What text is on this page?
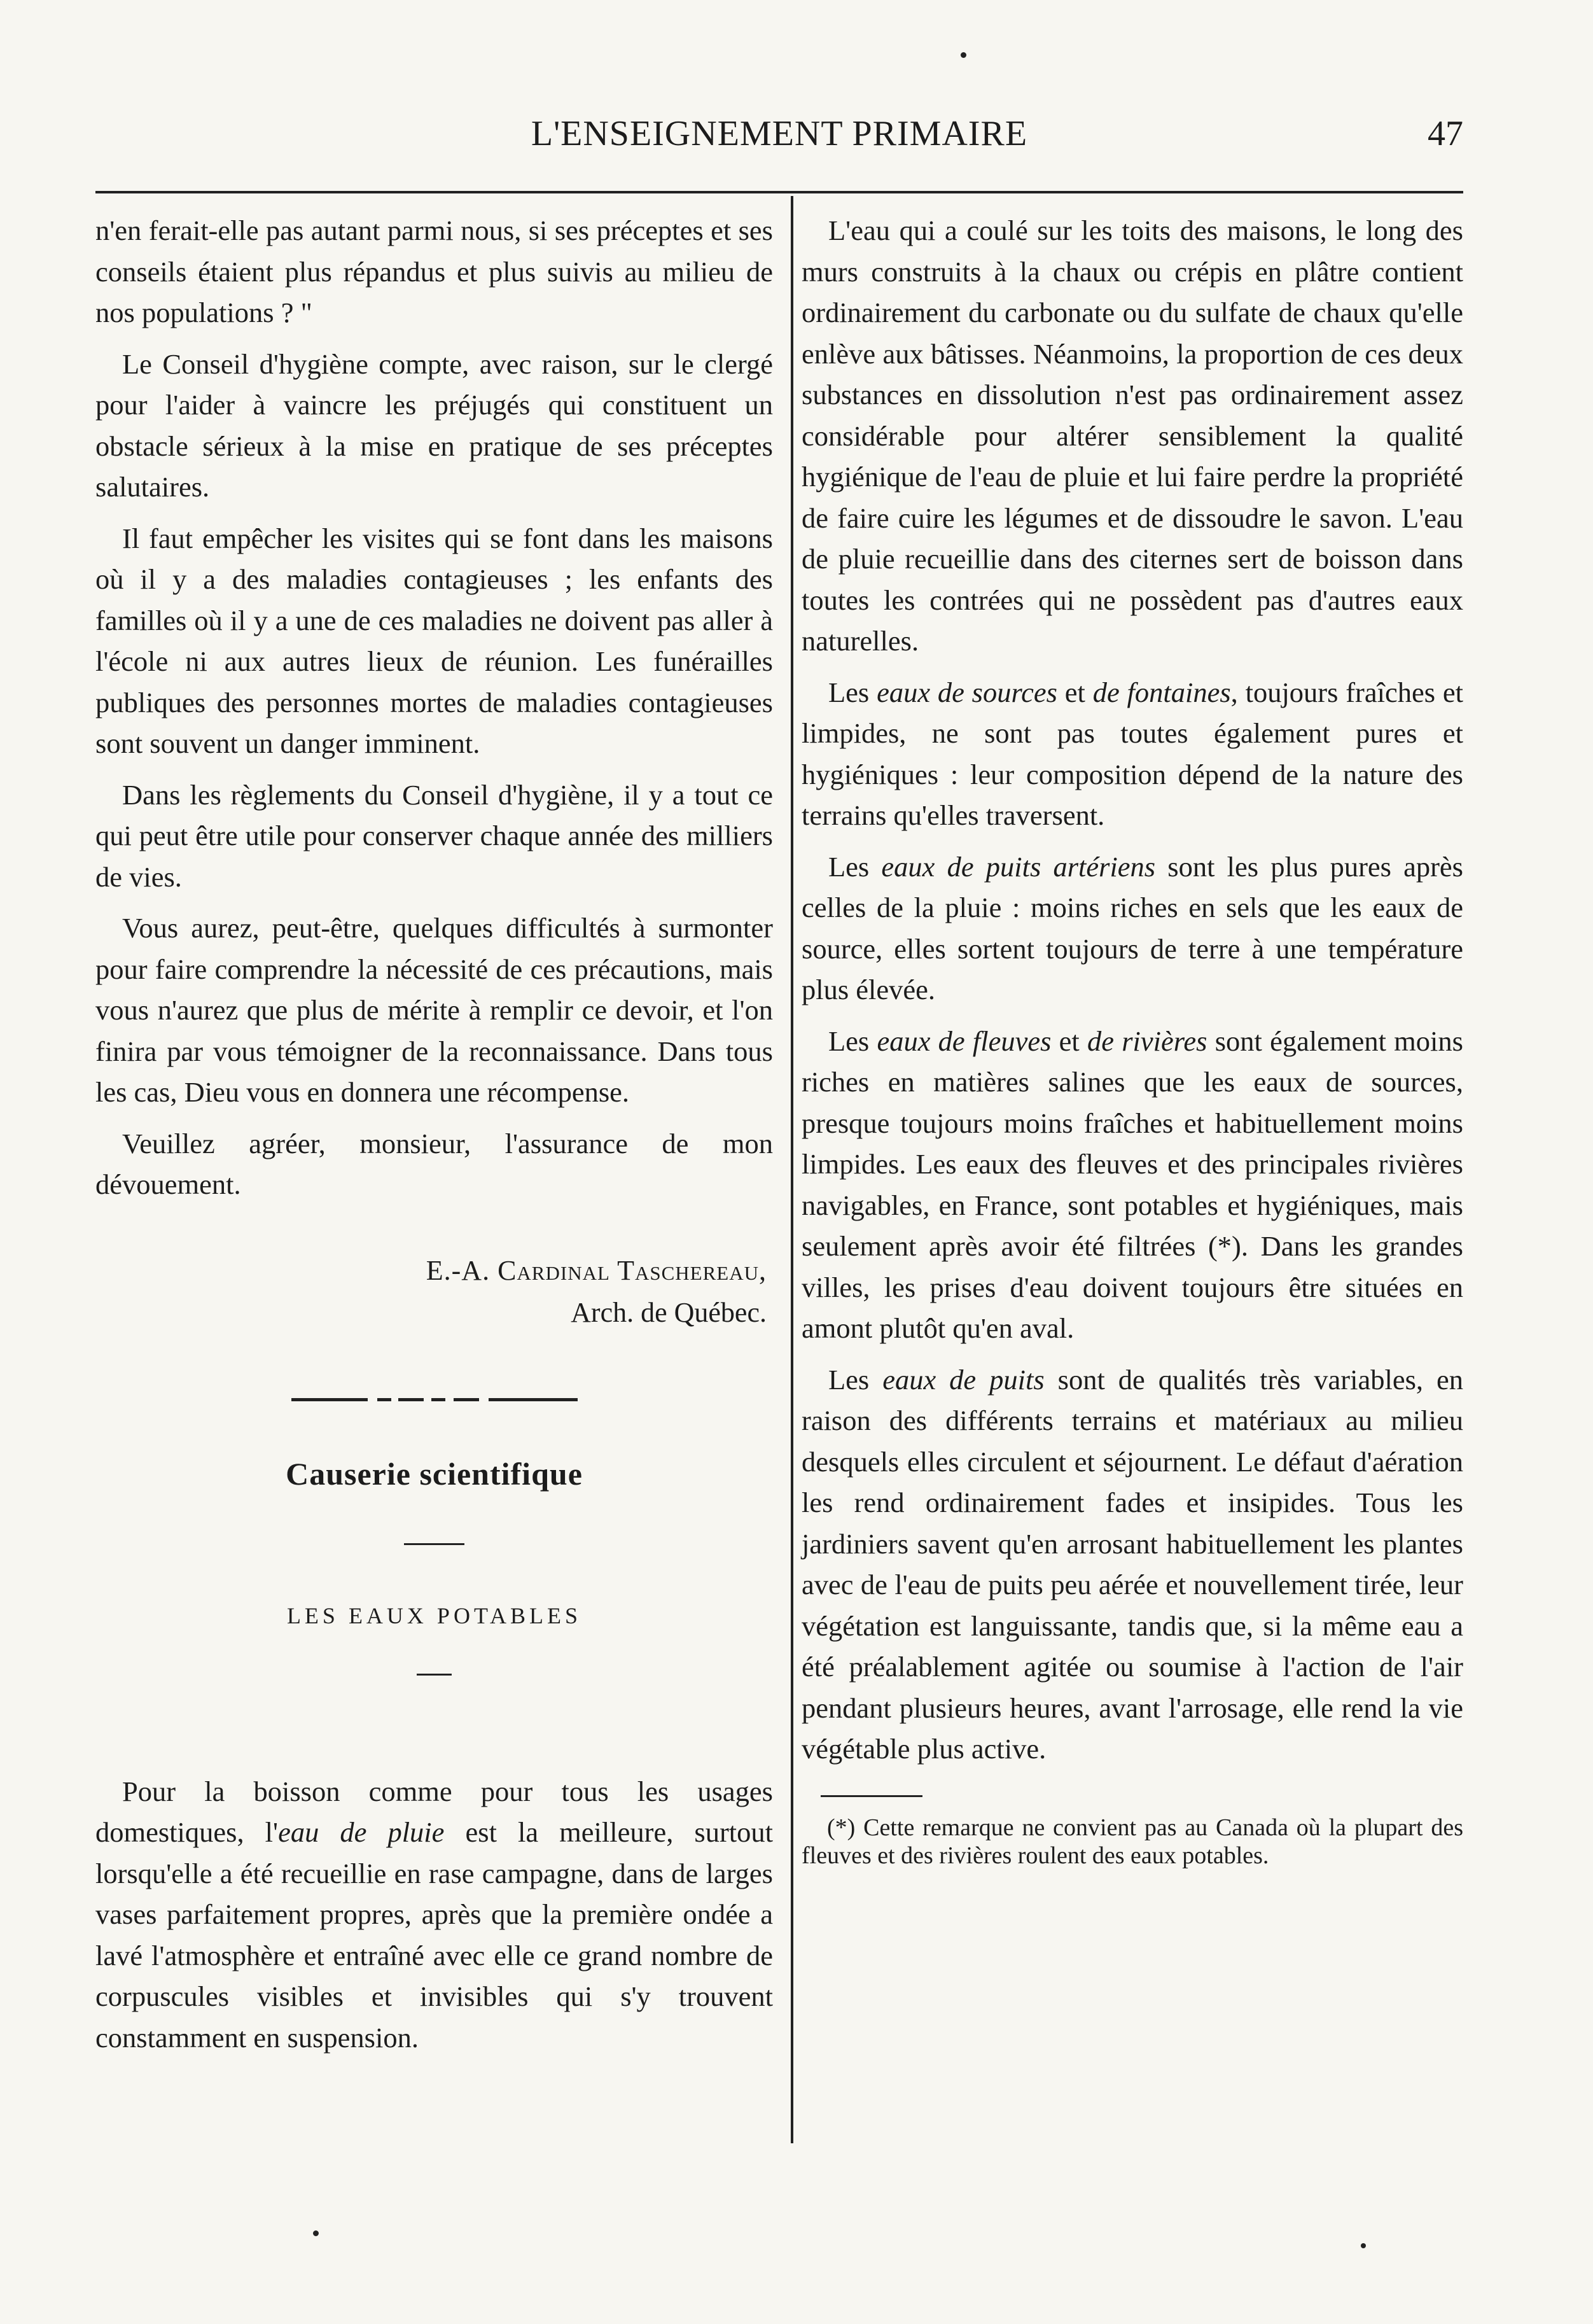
L'ENSEIGNEMENT PRIMAIRE	47

n'en ferait-elle pas autant parmi nous, si ses préceptes et ses conseils étaient plus répandus et plus suivis au milieu de nos populations ? "

Le Conseil d'hygiène compte, avec raison, sur le clergé pour l'aider à vaincre les préjugés qui constituent un obstacle sérieux à la mise en pratique de ses préceptes salutaires.

Il faut empêcher les visites qui se font dans les maisons où il y a des maladies contagieuses ; les enfants des familles où il y a une de ces maladies ne doivent pas aller à l'école ni aux autres lieux de réunion. Les funérailles publiques des personnes mortes de maladies contagieuses sont souvent un danger imminent.

Dans les règlements du Conseil d'hygiène, il y a tout ce qui peut être utile pour conserver chaque année des milliers de vies.

Vous aurez, peut-être, quelques difficultés à surmonter pour faire comprendre la nécessité de ces précautions, mais vous n'aurez que plus de mérite à remplir ce devoir, et l'on finira par vous témoigner de la reconnaissance. Dans tous les cas, Dieu vous en donnera une récompense.

Veuillez agréer, monsieur, l'assurance de mon dévouement.

E.-A. Cardinal Taschereau,
Arch. de Québec.
Causerie scientifique
LES EAUX POTABLES

Pour la boisson comme pour tous les usages domestiques, l'eau de pluie est la meilleure, surtout lorsqu'elle a été recueillie en rase campagne, dans de larges vases parfaitement propres, après que la première ondée a lavé l'atmosphère et entraîné avec elle ce grand nombre de corpuscules visibles et invisibles qui s'y trouvent constamment en suspension.

L'eau qui a coulé sur les toits des maisons, le long des murs construits à la chaux ou crépis en plâtre contient ordinairement du carbonate ou du sulfate de chaux qu'elle enlève aux bâtisses. Néanmoins, la proportion de ces deux substances en dissolution n'est pas ordinairement assez considérable pour altérer sensiblement la qualité hygiénique de l'eau de pluie et lui faire perdre la propriété de faire cuire les légumes et de dissoudre le savon. L'eau de pluie recueillie dans des citernes sert de boisson dans toutes les contrées qui ne possèdent pas d'autres eaux naturelles.

Les eaux de sources et de fontaines, toujours fraîches et limpides, ne sont pas toutes également pures et hygiéniques : leur composition dépend de la nature des terrains qu'elles traversent.

Les eaux de puits artériens sont les plus pures après celles de la pluie : moins riches en sels que les eaux de source, elles sortent toujours de terre à une température plus élevée.

Les eaux de fleuves et de rivières sont également moins riches en matières salines que les eaux de sources, presque toujours moins fraîches et habituellement moins limpides. Les eaux des fleuves et des principales rivières navigables, en France, sont potables et hygiéniques, mais seulement après avoir été filtrées (*). Dans les grandes villes, les prises d'eau doivent toujours être situées en amont plutôt qu'en aval.

Les eaux de puits sont de qualités très variables, en raison des différents terrains et matériaux au milieu desquels elles circulent et séjournent. Le défaut d'aération les rend ordinairement fades et insipides. Tous les jardiniers savent qu'en arrosant habituellement les plantes avec de l'eau de puits peu aérée et nouvellement tirée, leur végétation est languissante, tandis que, si la même eau a été préalablement agitée ou soumise à l'action de l'air pendant plusieurs heures, avant l'arrosage, elle rend la vie végétable plus active.

(*) Cette remarque ne convient pas au Canada où la plupart des fleuves et des rivières roulent des eaux potables.
